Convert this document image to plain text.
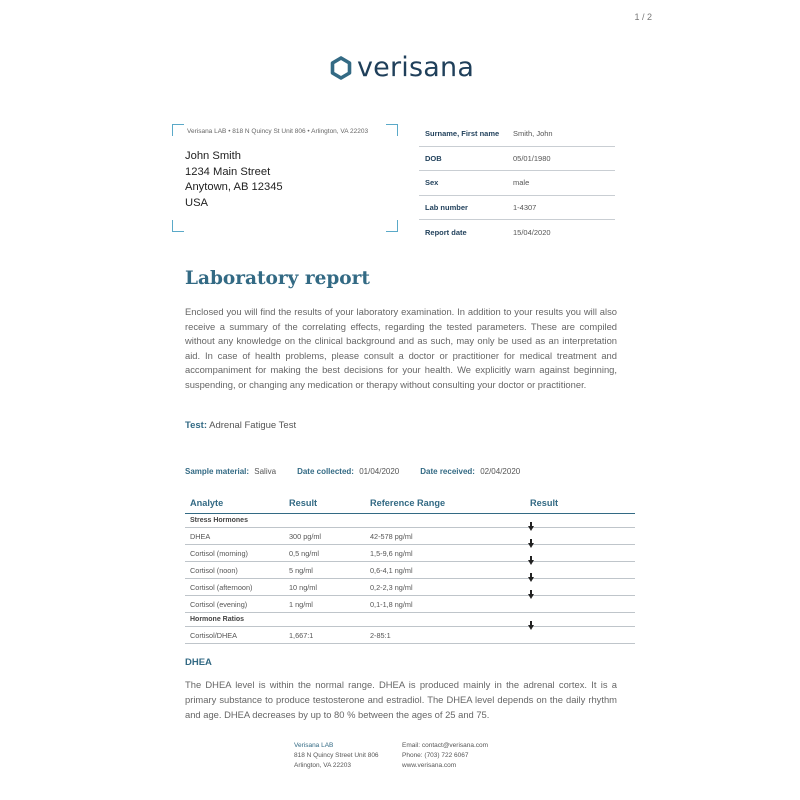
1 / 2
verisana
Verisana LAB • 818 N Quincy St Unit 806 • Arlington, VA 22203
John Smith
1234 Main Street
Anytown, AB 12345
USA
Surname, First name	Smith, John
DOB	05/01/1980
Sex	male
Lab number	1-4307
Report date	15/04/2020
Laboratory report

Enclosed you will find the results of your laboratory examination. In addition to your results you will also receive a summary of the correlating effects, regarding the tested parameters. These are compiled without any knowledge on the clinical background and as such, may only be used as an interpretation aid. In case of health problems, please consult a doctor or practitioner for medical treatment and accompaniment for making the best decisions for your health. We explicitly warn against beginning, suspending, or changing any medication or therapy without consulting your doctor or practitioner.

Test: Adrenal Fatigue Test
Sample material: Saliva	Date collected: 01/04/2020	Date received: 02/04/2020
Analyte	Result	Reference Range	Result
Stress Hormones
DHEA	300 pg/ml	42-578 pg/ml
Cortisol (morning)	0,5 ng/ml	1,5-9,6 ng/ml
Cortisol (noon)	5 ng/ml	0,6-4,1 ng/ml
Cortisol (afternoon)	10 ng/ml	0,2-2,3 ng/ml
Cortisol (evening)	1 ng/ml	0,1-1,8 ng/ml
Hormone Ratios
Cortisol/DHEA	1,667:1	2-85:1
DHEA

The DHEA level is within the normal range. DHEA is produced mainly in the adrenal cortex. It is a primary substance to produce testosterone and estradiol. The DHEA level depends on the daily rhythm and age. DHEA decreases by up to 80 % between the ages of 25 and 75.

Verisana LAB
818 N Quincy Street Unit 806
Arlington, VA 22203
Email: contact@verisana.com
Phone: (703) 722 6067
www.verisana.com
